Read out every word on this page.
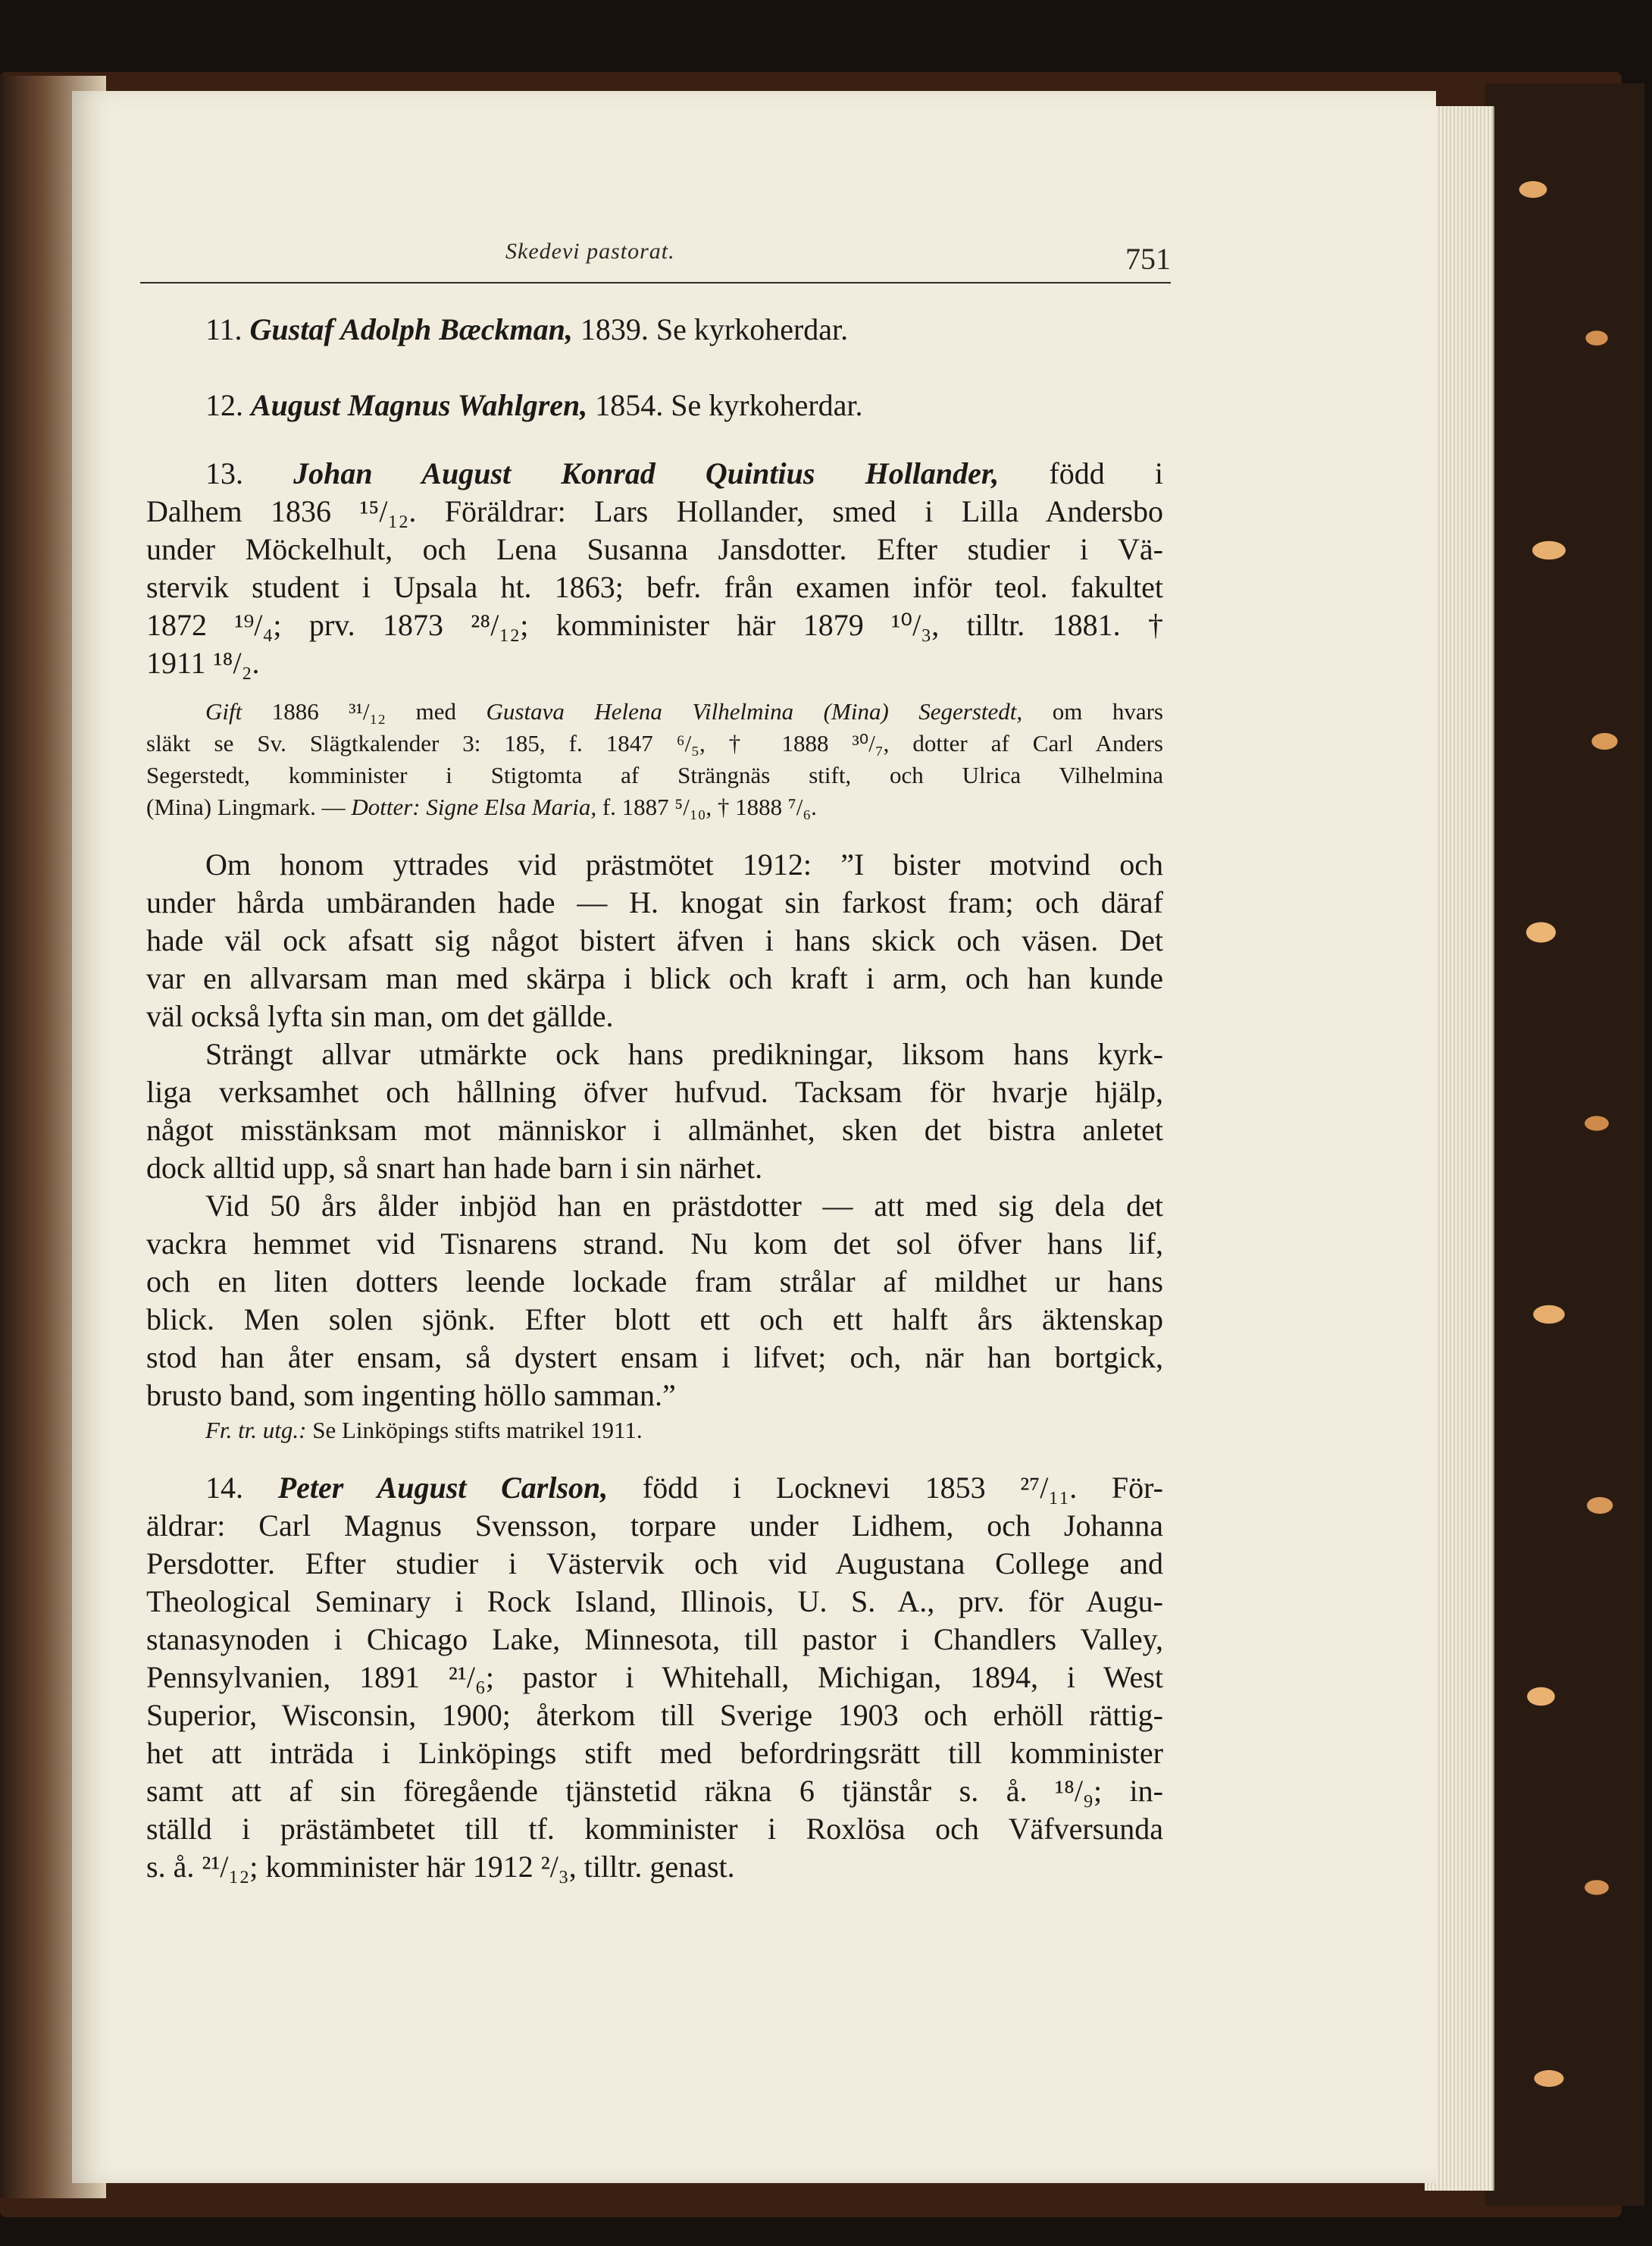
Skedevi pastorat.	751
11. Gustaf Adolph Bæckman, 1839. Se kyrkoherdar.
12. August Magnus Wahlgren, 1854. Se kyrkoherdar.
13. Johan August Konrad Quintius Hollander, född i
Dalhem 1836 ¹⁵/₁₂. Föräldrar: Lars Hollander, smed i Lilla Andersbo
under Möckelhult, och Lena Susanna Jansdotter. Efter studier i Vä-
stervik student i Upsala ht. 1863; befr. från examen inför teol. fakultet
1872 ¹⁹/₄; prv. 1873 ²⁸/₁₂; komminister här 1879 ¹⁰/₃, tilltr. 1881. †
1911 ¹⁸/₂.
Gift 1886 ³¹/₁₂ med Gustava Helena Vilhelmina (Mina) Segerstedt, om hvars
släkt se Sv. Slägtkalender 3: 185, f. 1847 ⁶/₅, † 1888 ³⁰/₇, dotter af Carl Anders
Segerstedt, komminister i Stigtomta af Strängnäs stift, och Ulrica Vilhelmina
(Mina) Lingmark. — Dotter: Signe Elsa Maria, f. 1887 ⁵/₁₀, † 1888 ⁷/₆.
Om honom yttrades vid prästmötet 1912: ”I bister motvind och
under hårda umbäranden hade — H. knogat sin farkost fram; och däraf
hade väl ock afsatt sig något bistert äfven i hans skick och väsen. Det
var en allvarsam man med skärpa i blick och kraft i arm, och han kunde
väl också lyfta sin man, om det gällde.
Strängt allvar utmärkte ock hans predikningar, liksom hans kyrk-
liga verksamhet och hållning öfver hufvud. Tacksam för hvarje hjälp,
något misstänksam mot människor i allmänhet, sken det bistra anletet
dock alltid upp, så snart han hade barn i sin närhet.
Vid 50 års ålder inbjöd han en prästdotter — att med sig dela det
vackra hemmet vid Tisnarens strand. Nu kom det sol öfver hans lif,
och en liten dotters leende lockade fram strålar af mildhet ur hans
blick. Men solen sjönk. Efter blott ett och ett halft års äktenskap
stod han åter ensam, så dystert ensam i lifvet; och, när han bortgick,
brusto band, som ingenting höllo samman.”
Fr. tr. utg.: Se Linköpings stifts matrikel 1911.
14. Peter August Carlson, född i Locknevi 1853 ²⁷/₁₁. För-
äldrar: Carl Magnus Svensson, torpare under Lidhem, och Johanna
Persdotter. Efter studier i Västervik och vid Augustana College and
Theological Seminary i Rock Island, Illinois, U. S. A., prv. för Augu-
stanasynoden i Chicago Lake, Minnesota, till pastor i Chandlers Valley,
Pennsylvanien, 1891 ²¹/₆; pastor i Whitehall, Michigan, 1894, i West
Superior, Wisconsin, 1900; återkom till Sverige 1903 och erhöll rättig-
het att inträda i Linköpings stift med befordringsrätt till komminister
samt att af sin föregående tjänstetid räkna 6 tjänstår s. å. ¹⁸/₉; in-
ställd i prästämbetet till tf. komminister i Roxlösa och Väfversunda
s. å. ²¹/₁₂; komminister här 1912 ²/₃, tilltr. genast.
